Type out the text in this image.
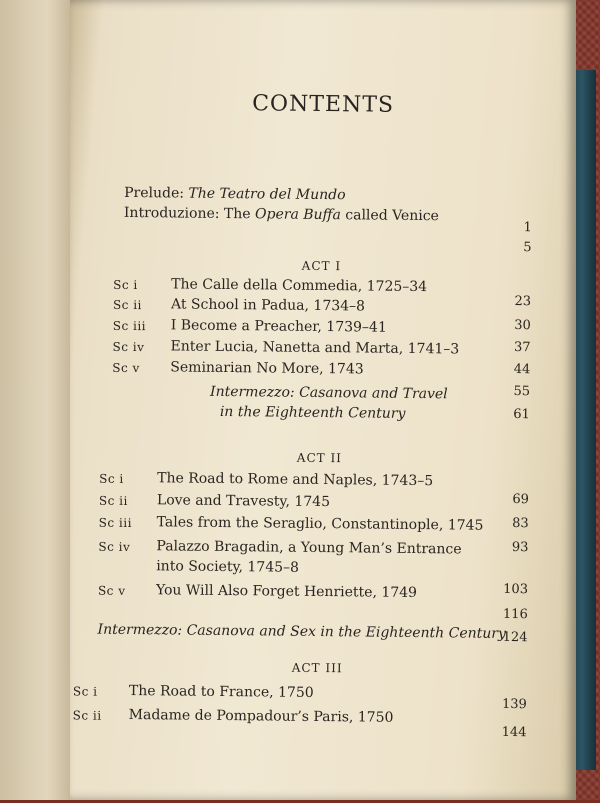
CONTENTS
Prelude: The Teatro del Mundo
1
Introduzione: The Opera Buffa called Venice
5
ACT I
Sc i The Calle della Commedia, 1725–34
23
Sc ii At School in Padua, 1734–8
30
Sc iii I Become a Preacher, 1739–41
37
Sc iv Enter Lucia, Nanetta and Marta, 1741–3
44
Sc v Seminarian No More, 1743
55
Intermezzo: Casanova and Travel
in the Eighteenth Century	61
ACT II
Sc i The Road to Rome and Naples, 1743–5
69
Sc ii Love and Travesty, 1745
83
Sc iii Tales from the Seraglio, Constantinople, 1745
93
Sc iv Palazzo Bragadin, a Young Man’s Entrance
into Society, 1745–8
103
Sc v You Will Also Forget Henriette, 1749
116
Intermezzo: Casanova and Sex in the Eighteenth Century
124
ACT III
Sc i The Road to France, 1750
139
Sc ii Madame de Pompadour’s Paris, 1750
144
